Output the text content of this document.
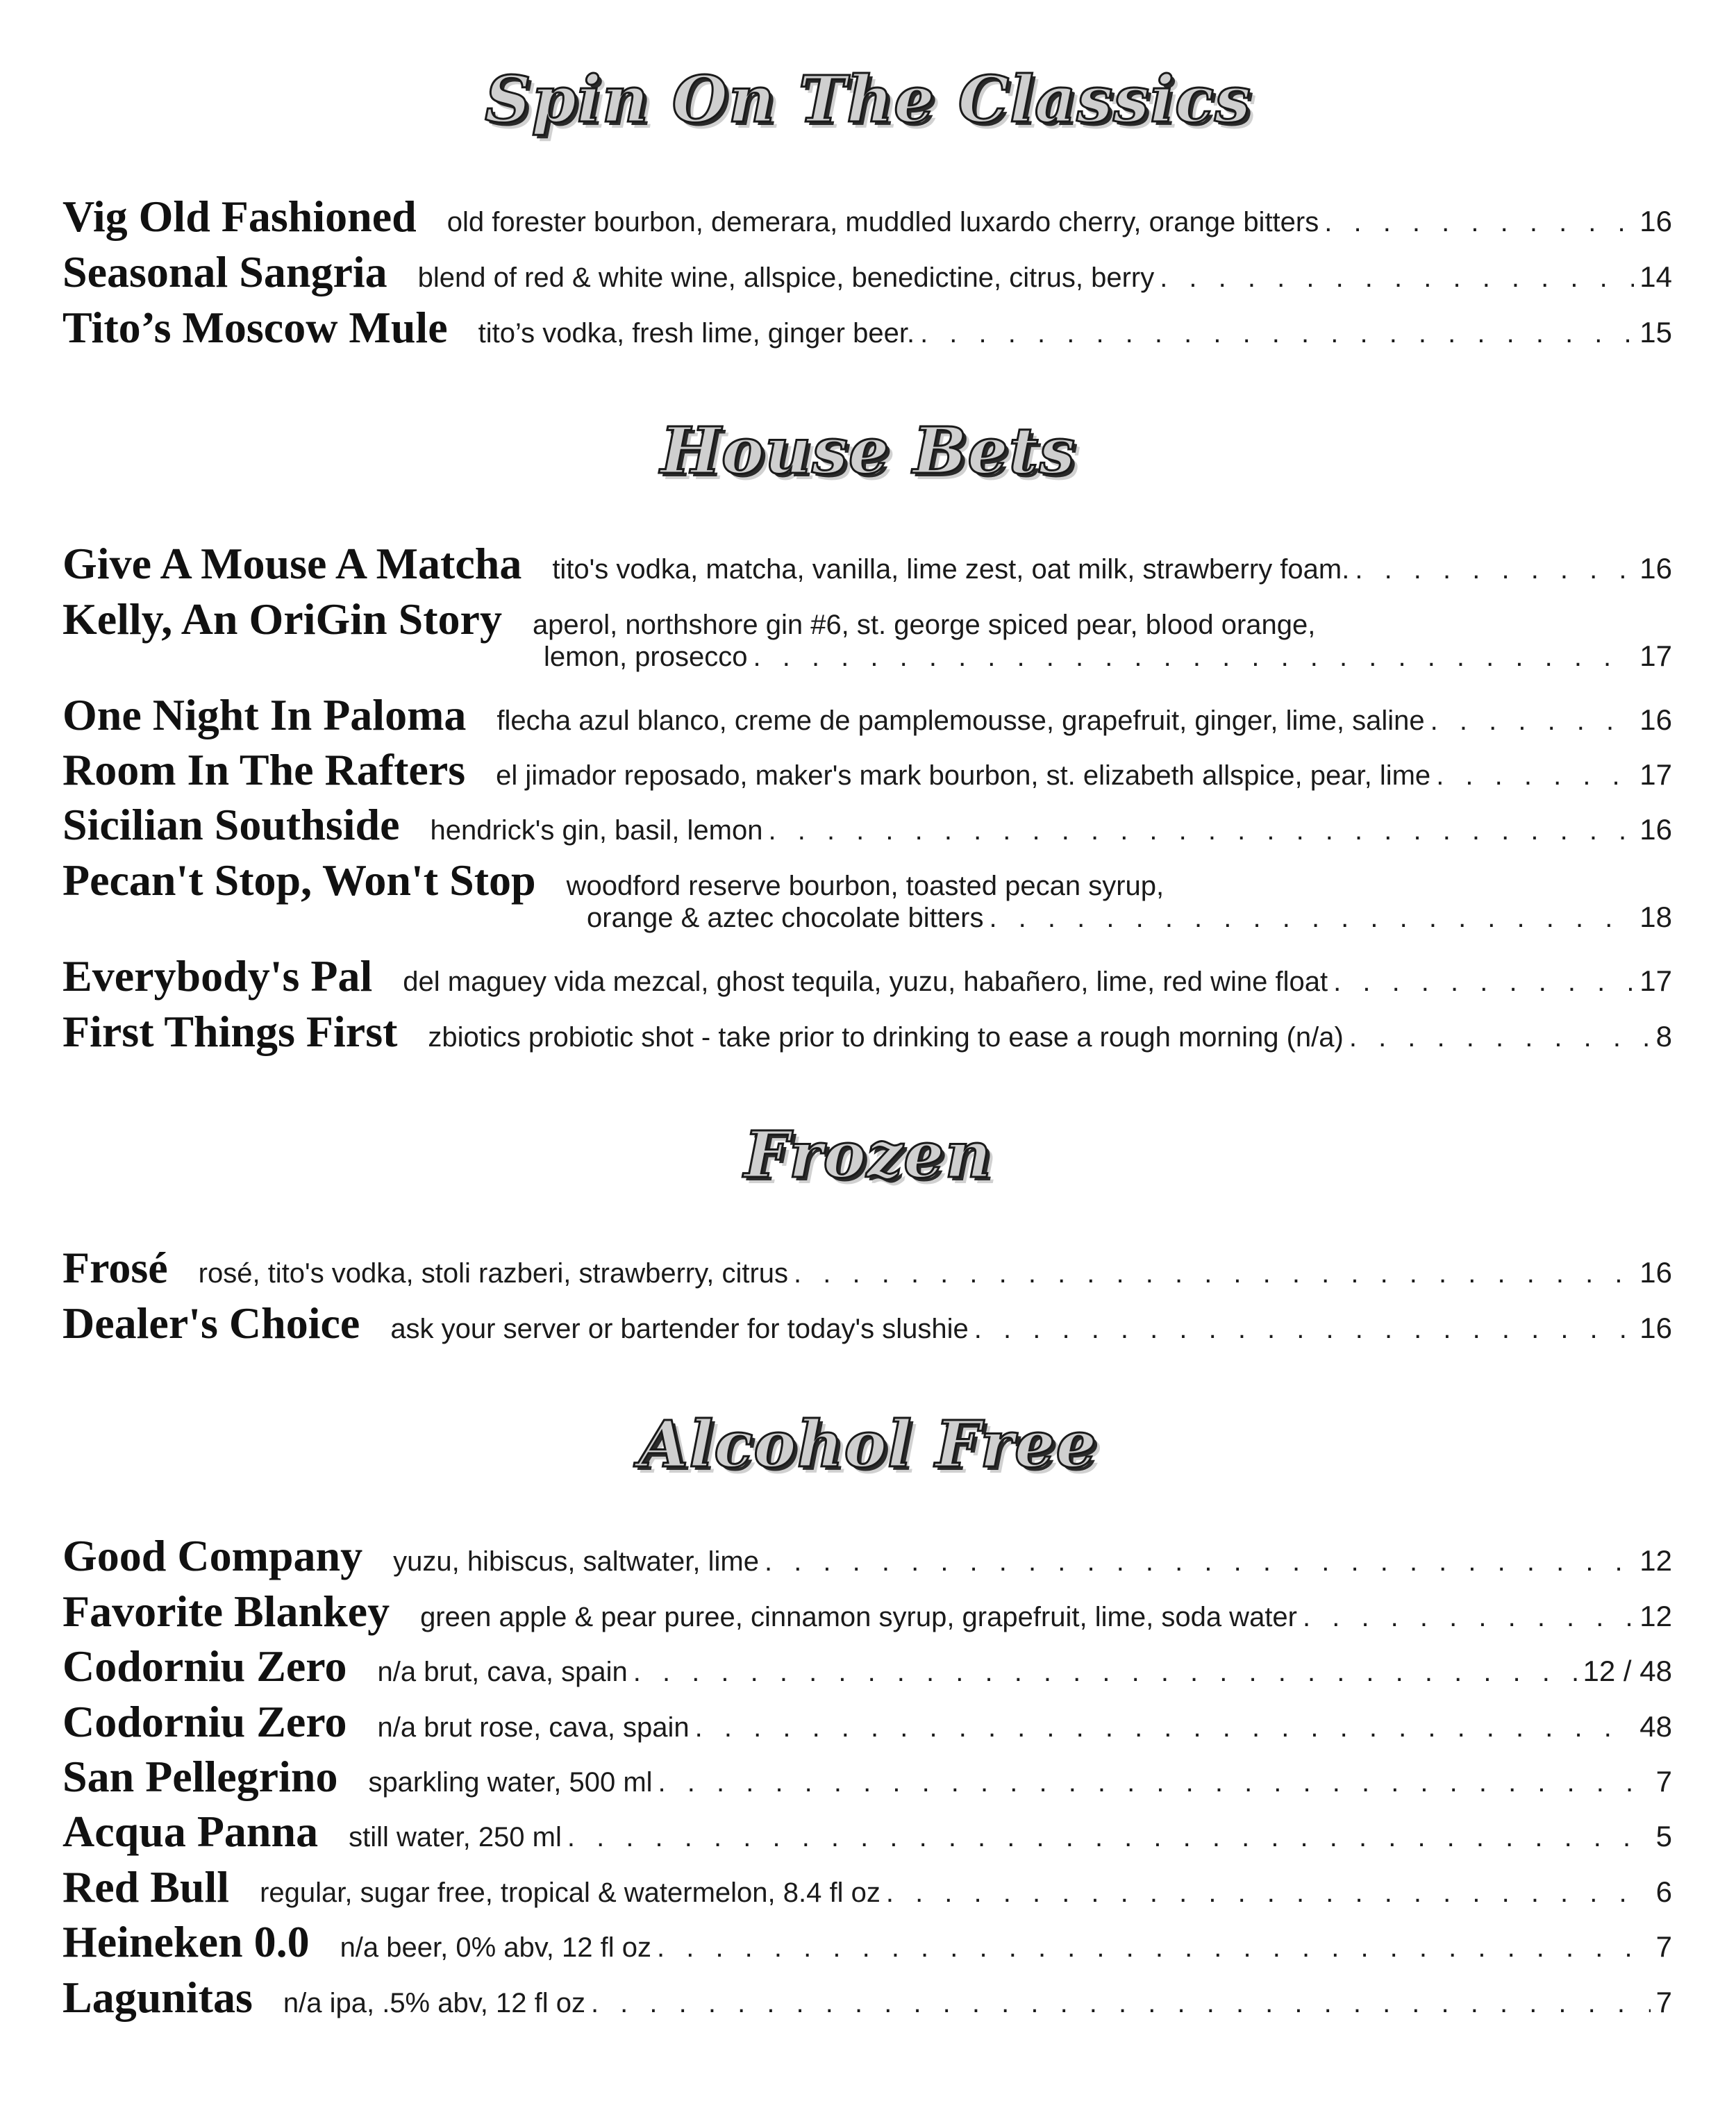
Spin On The Classics
Vig Old Fashioned old forester bourbon, demerara, muddled luxardo cherry, orange bitters . . .	16
Seasonal Sangria blend of red & white wine, allspice, benedictine, citrus, berry . . .	14
Tito’s Moscow Mule tito’s vodka, fresh lime, ginger beer. . . .	15
House Bets
Give A Mouse A Matcha tito's vodka, matcha, vanilla, lime zest, oat milk, strawberry foam. . . .	16
Kelly, An OriGin Story aperol, northshore gin #6, st. george spiced pear, blood orange,
lemon, prosecco . . .	17
One Night In Paloma flecha azul blanco, creme de pamplemousse, grapefruit, ginger, lime, saline . . .	16
Room In The Rafters el jimador reposado, maker's mark bourbon, st. elizabeth allspice, pear, lime . . .	17
Sicilian Southside hendrick's gin, basil, lemon . . .	16
Pecan't Stop, Won't Stop woodford reserve bourbon, toasted pecan syrup,
orange & aztec chocolate bitters . . .	18
Everybody's Pal del maguey vida mezcal, ghost tequila, yuzu, habañero, lime, red wine float . . .	17
First Things First zbiotics probiotic shot - take prior to drinking to ease a rough morning (n/a) . . .	8
Frozen
Frosé rosé, tito's vodka, stoli razberi, strawberry, citrus . . .	16
Dealer's Choice ask your server or bartender for today's slushie . . .	16
Alcohol Free
Good Company yuzu, hibiscus, saltwater, lime . . .	12
Favorite Blankey green apple & pear puree, cinnamon syrup, grapefruit, lime, soda water . . .	12
Codorniu Zero n/a brut, cava, spain . . .	12 / 48
Codorniu Zero n/a brut rose, cava, spain . . .	48
San Pellegrino sparkling water, 500 ml . . .	7
Acqua Panna still water, 250 ml . . .	5
Red Bull regular, sugar free, tropical & watermelon, 8.4 fl oz . . .	6
Heineken 0.0 n/a beer, 0% abv, 12 fl oz . . .	7
Lagunitas n/a ipa, .5% abv, 12 fl oz . . .	7
